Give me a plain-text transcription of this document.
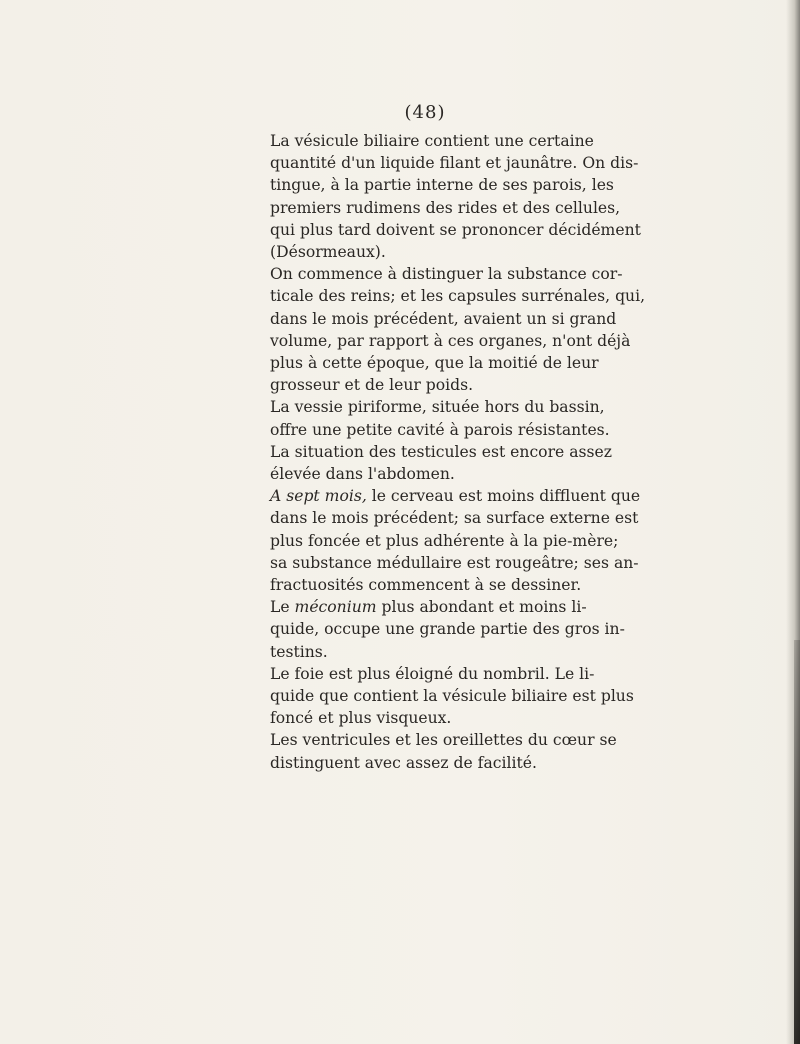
(48)

La vésicule biliaire contient une certaine
quantité d'un liquide filant et jaunâtre. On dis-
tingue, à la partie interne de ses parois, les
premiers rudimens des rides et des cellules,
qui plus tard doivent se prononcer décidément
(Désormeaux).

On commence à distinguer la substance cor-
ticale des reins; et les capsules surrénales, qui,
dans le mois précédent, avaient un si grand
volume, par rapport à ces organes, n'ont déjà
plus à cette époque, que la moitié de leur
grosseur et de leur poids.

La vessie piriforme, située hors du bassin,
offre une petite cavité à parois résistantes.

La situation des testicules est encore assez
élevée dans l'abdomen.

A sept mois, le cerveau est moins diffluent que
dans le mois précédent; sa surface externe est
plus foncée et plus adhérente à la pie-mère;
sa substance médullaire est rougeâtre; ses an-
fractuosités commencent à se dessiner.

Le méconium plus abondant et moins li-
quide, occupe une grande partie des gros in-
testins.

Le foie est plus éloigné du nombril. Le li-
quide que contient la vésicule biliaire est plus
foncé et plus visqueux.

Les ventricules et les oreillettes du cœur se
distinguent avec assez de facilité.
